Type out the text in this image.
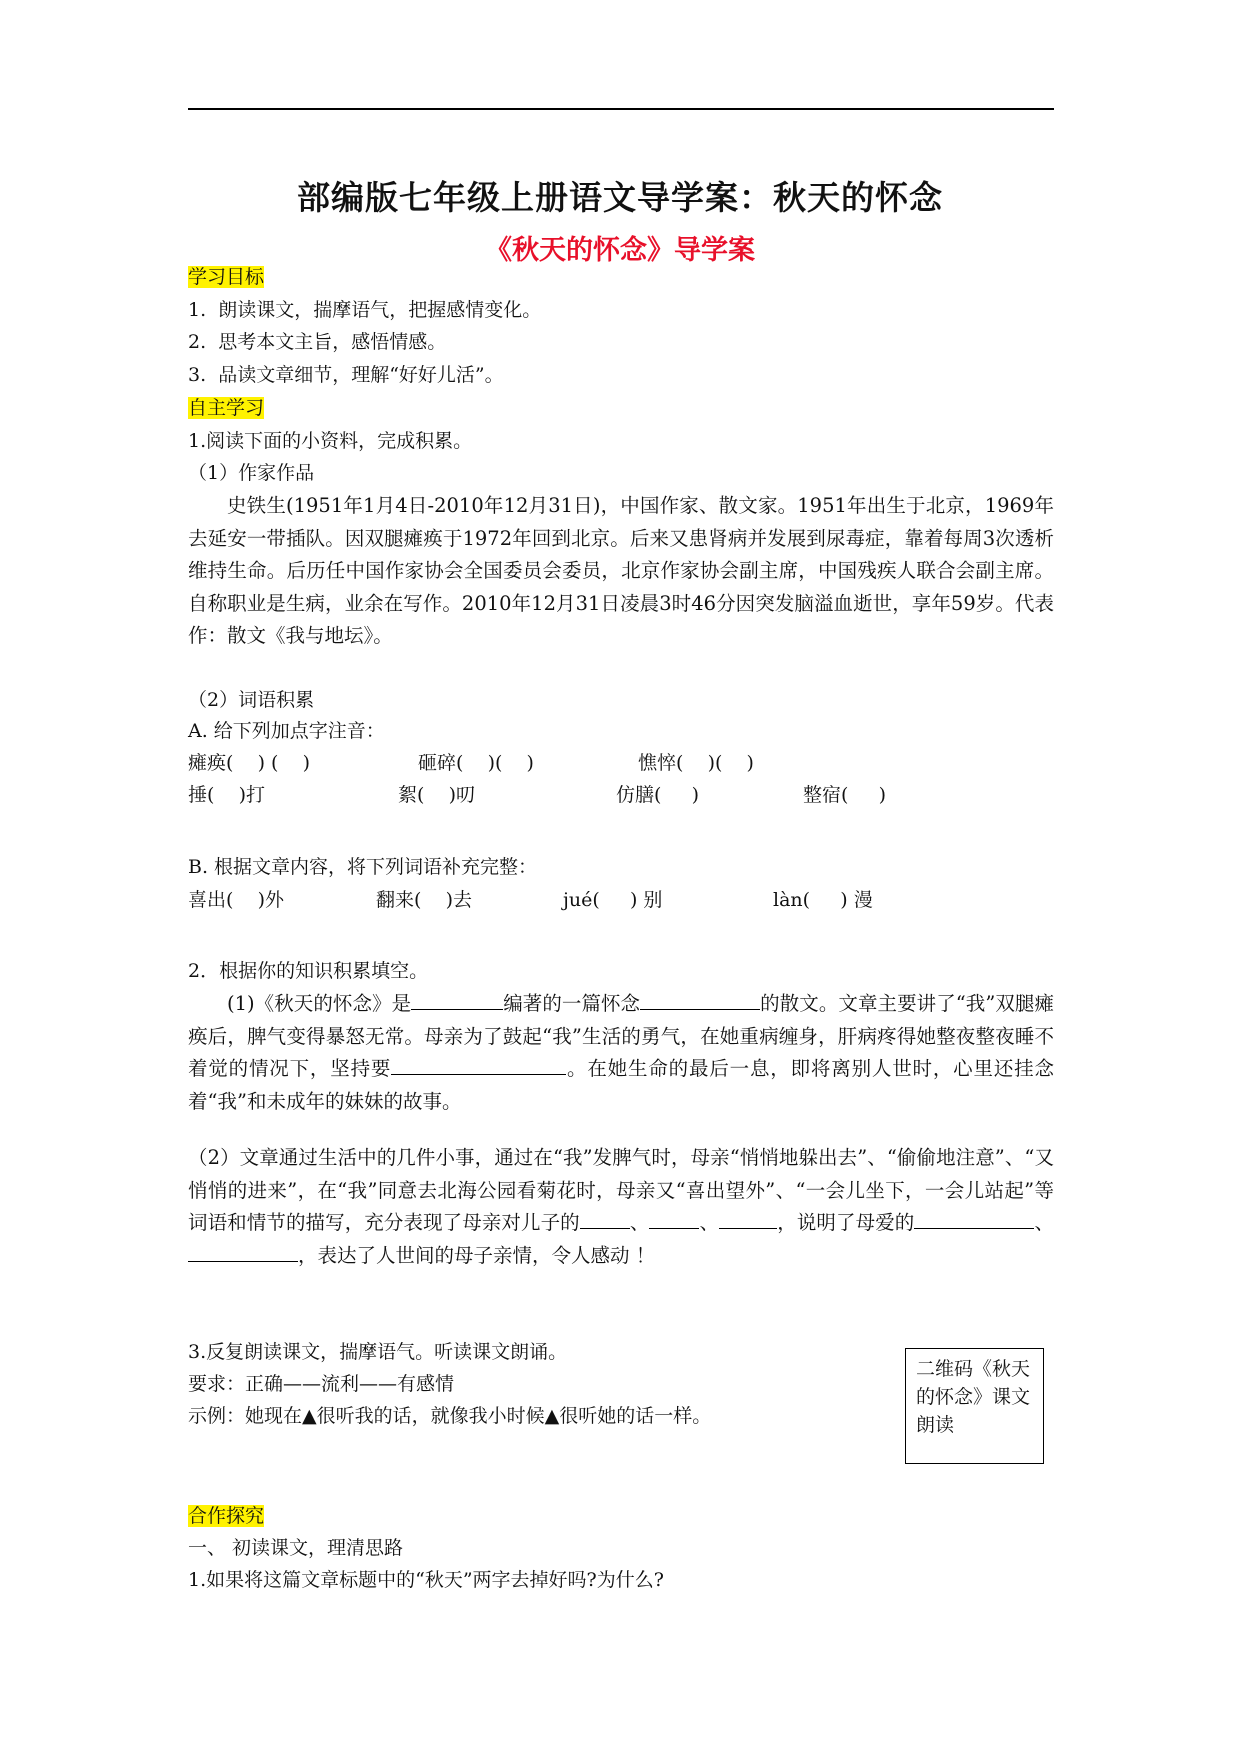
部编版七年级上册语文导学案：秋天的怀念
《秋天的怀念》导学案
学习目标
1.  朗读课文，揣摩语气，把握感情变化。
2.  思考本文主旨，感悟情感。
3.  品读文章细节，理解“好好儿活”。
自主学习
1.阅读下面的小资料，完成积累。
（1）作家作品
史铁生(1951年1月4日-2010年12月31日)，中国作家、散文家。1951年出生于北京，1969年去延安一带插队。因双腿瘫痪于1972年回到北京。后来又患肾病并发展到尿毒症，靠着每周3次透析维持生命。后历任中国作家协会全国委员会委员，北京作家协会副主席，中国残疾人联合会副主席。自称职业是生病，业余在写作。2010年12月31日凌晨3时46分因突发脑溢血逝世，享年59岁。代表作：散文《我与地坛》。
（2）词语积累
A. 给下列加点字注音：
瘫痪(    ) (    )	砸碎(    )(    )	憔悴(    )(    )
捶(    )打	絮(    )叨	仿膳(     )	整宿(     )
B. 根据文章内容，将下列词语补充完整：
喜出(    )外	翻来(    )去	jué(     ) 别	làn(     ) 漫
2．根据你的知识积累填空。
(1)《秋天的怀念》是	编著的一篇怀念	的散文。文章主要讲了“我”双腿瘫痪后，脾气变得暴怒无常。母亲为了鼓起“我”生活的勇气，在她重病缠身，肝病疼得她整夜整夜睡不着觉的情况下，坚持要	。在她生命的最后一息，即将离别人世时，心里还挂念着“我”和未成年的妹妹的故事。
（2）文章通过生活中的几件小事，通过在“我”发脾气时，母亲“悄悄地躲出去”、“偷偷地注意”、“又悄悄的进来”，在“我”同意去北海公园看菊花时，母亲又“喜出望外”、“一会儿坐下，一会儿站起”等词语和情节的描写，充分表现了母亲对儿子的	、	、	，说明了母爱的	、，表达了人世间的母子亲情，令人感动 ！
3.反复朗读课文，揣摩语气。听读课文朗诵。
要求：正确——流利——有感情
示例：她现在▲很听我的话，就像我小时候▲很听她的话一样。
二维码《秋天的怀念》课文朗读
合作探究
一、 初读课文，理清思路
1.如果将这篇文章标题中的“秋天”两字去掉好吗?为什么?
